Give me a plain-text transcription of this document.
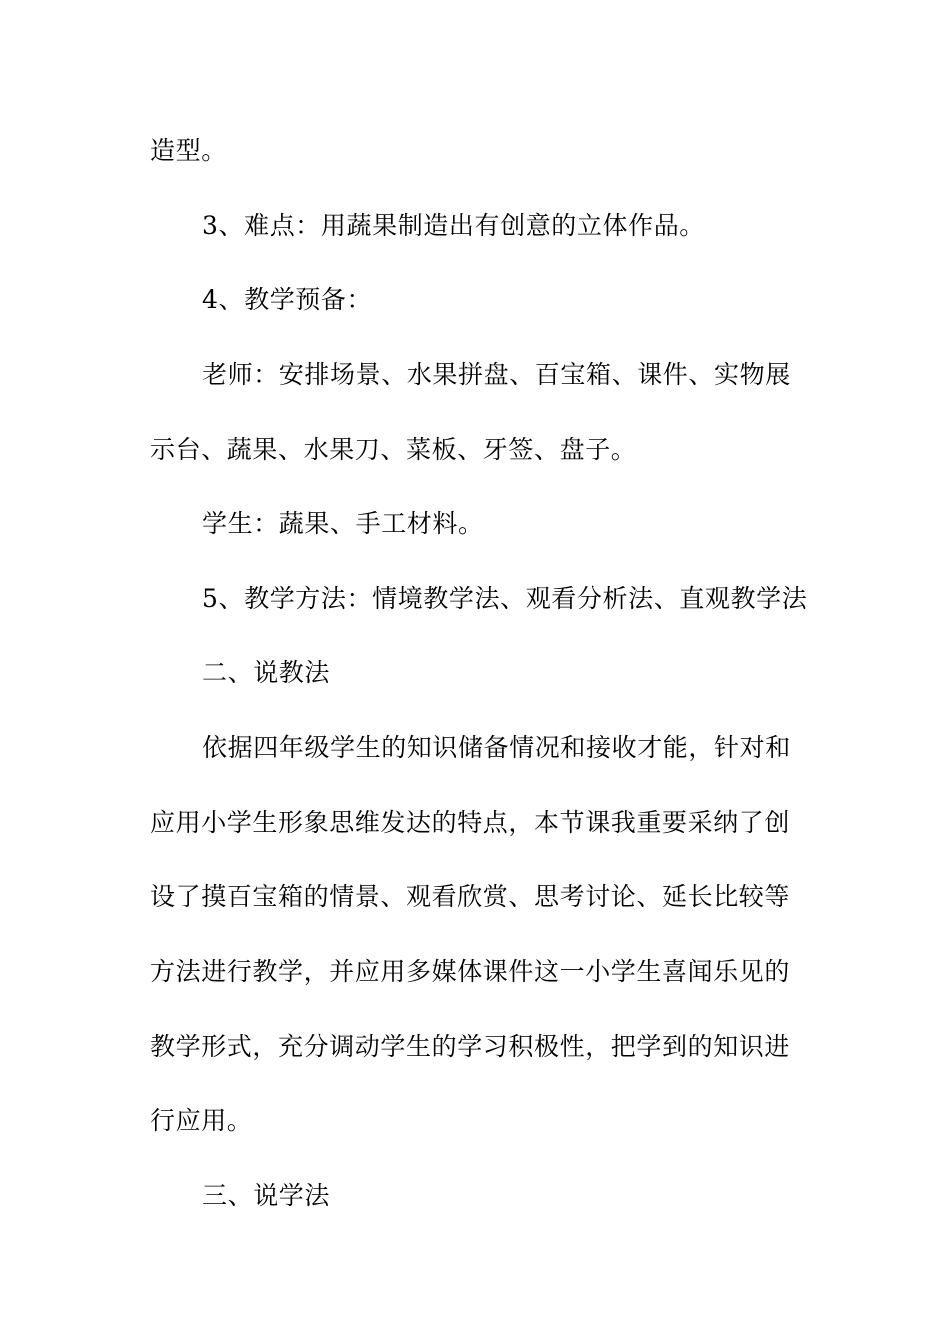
造型。
3、难点：用蔬果制造出有创意的立体作品。
4、教学预备：
老师：安排场景、水果拼盘、百宝箱、课件、实物展
示台、蔬果、水果刀、菜板、牙签、盘子。
学生：蔬果、手工材料。
5、教学方法：情境教学法、观看分析法、直观教学法
二、说教法
依据四年级学生的知识储备情况和接收才能，针对和
应用小学生形象思维发达的特点，本节课我重要采纳了创
设了摸百宝箱的情景、观看欣赏、思考讨论、延长比较等
方法进行教学，并应用多媒体课件这一小学生喜闻乐见的
教学形式，充分调动学生的学习积极性，把学到的知识进
行应用。
三、说学法
